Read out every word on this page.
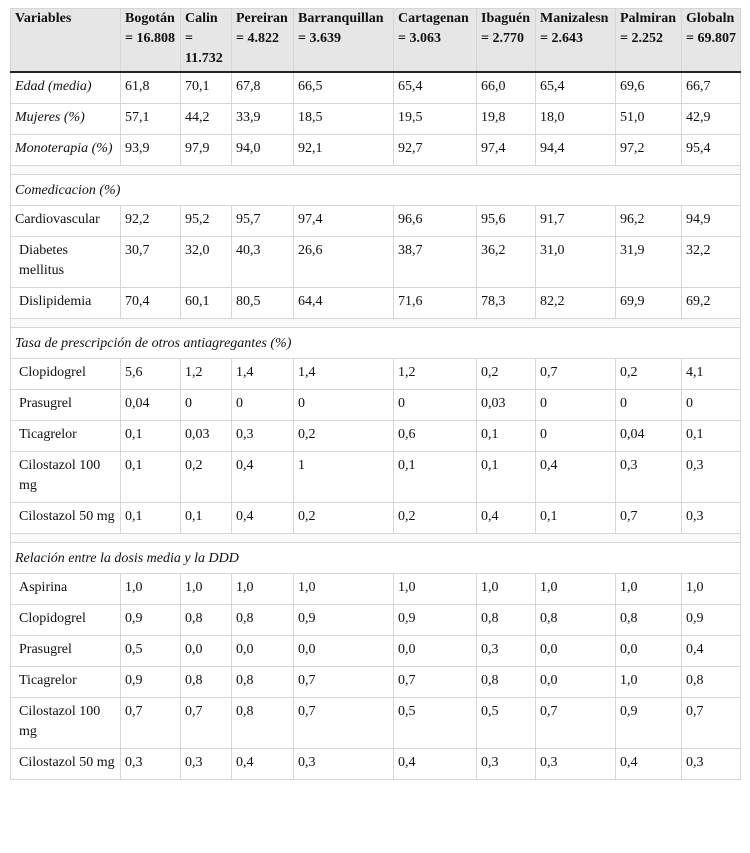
Variables	Bogotán = 16.808	Calin = 11.732	Pereiran = 4.822	Barranquillan = 3.639	Cartagenan = 3.063	Ibaguén = 2.770	Manizalesn = 2.643	Palmiran = 2.252	Globaln = 69.807
Edad (media)	61,8	70,1	67,8	66,5	65,4	66,0	65,4	69,6	66,7
Mujeres (%)	57,1	44,2	33,9	18,5	19,5	19,8	18,0	51,0	42,9
Monoterapia (%)	93,9	97,9	94,0	92,1	92,7	97,4	94,4	97,2	95,4

Comedicacion (%)									
Cardiovascular	92,2	95,2	95,7	97,4	96,6	95,6	91,7	96,2	94,9
Diabetes mellitus	30,7	32,0	40,3	26,6	38,7	36,2	31,0	31,9	32,2
Dislipidemia	70,4	60,1	80,5	64,4	71,6	78,3	82,2	69,9	69,2

Tasa de prescripción de otros antiagregantes (%)									
Clopidogrel	5,6	1,2	1,4	1,4	1,2	0,2	0,7	0,2	4,1
Prasugrel	0,04	0	0	0	0	0,03	0	0	0
Ticagrelor	0,1	0,03	0,3	0,2	0,6	0,1	0	0,04	0,1
Cilostazol 100 mg	0,1	0,2	0,4	1	0,1	0,1	0,4	0,3	0,3
Cilostazol 50 mg	0,1	0,1	0,4	0,2	0,2	0,4	0,1	0,7	0,3

Relación entre la dosis media y la DDD									
Aspirina	1,0	1,0	1,0	1,0	1,0	1,0	1,0	1,0	1,0
Clopidogrel	0,9	0,8	0,8	0,9	0,9	0,8	0,8	0,8	0,9
Prasugrel	0,5	0,0	0,0	0,0	0,0	0,3	0,0	0,0	0,4
Ticagrelor	0,9	0,8	0,8	0,7	0,7	0,8	0,0	1,0	0,8
Cilostazol 100 mg	0,7	0,7	0,8	0,7	0,5	0,5	0,7	0,9	0,7
Cilostazol 50 mg	0,3	0,3	0,4	0,3	0,4	0,3	0,3	0,4	0,3
